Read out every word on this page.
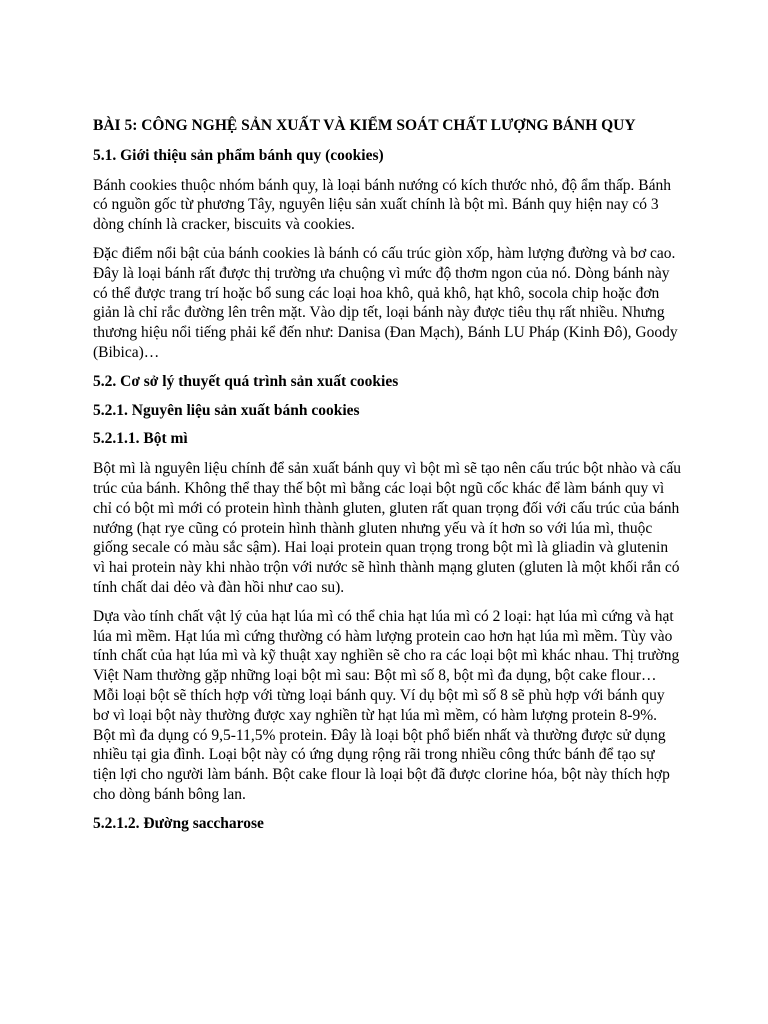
BÀI 5: CÔNG NGHỆ SẢN XUẤT VÀ KIỂM SOÁT CHẤT LƯỢNG BÁNH QUY

5.1. Giới thiệu sản phẩm bánh quy (cookies)

Bánh cookies thuộc nhóm bánh quy, là loại bánh nướng có kích thước nhỏ, độ ẩm thấp. Bánh có nguồn gốc từ phương Tây, nguyên liệu sản xuất chính là bột mì. Bánh quy hiện nay có 3 dòng chính là cracker, biscuits và cookies.

Đặc điểm nổi bật của bánh cookies là bánh có cấu trúc giòn xốp, hàm lượng đường và bơ cao. Đây là loại bánh rất được thị trường ưa chuộng vì mức độ thơm ngon của nó. Dòng bánh này có thể được trang trí hoặc bổ sung các loại hoa khô, quả khô, hạt khô, socola chip hoặc đơn giản là chỉ rắc đường lên trên mặt. Vào dịp tết, loại bánh này được tiêu thụ rất nhiều. Nhưng thương hiệu nổi tiếng phải kể đến như: Danisa (Đan Mạch), Bánh LU Pháp (Kinh Đô), Goody (Bibica)…

5.2. Cơ sở lý thuyết quá trình sản xuất cookies

5.2.1. Nguyên liệu sản xuất bánh cookies

5.2.1.1. Bột mì

Bột mì là nguyên liệu chính để sản xuất bánh quy vì bột mì sẽ tạo nên cấu trúc bột nhào và cấu trúc của bánh. Không thể thay thế bột mì bằng các loại bột ngũ cốc khác để làm bánh quy vì chỉ có bột mì mới có protein hình thành gluten, gluten rất quan trọng đối với cấu trúc của bánh nướng (hạt rye cũng có protein hình thành gluten nhưng yếu và ít hơn so với lúa mì, thuộc giống secale có màu sắc sậm). Hai loại protein quan trọng trong bột mì là gliadin và glutenin vì hai protein này khi nhào trộn với nước sẽ hình thành mạng gluten (gluten là một khối rắn có tính chất dai dẻo và đàn hồi như cao su).

Dựa vào tính chất vật lý của hạt lúa mì có thể chia hạt lúa mì có 2 loại: hạt lúa mì cứng và hạt lúa mì mềm. Hạt lúa mì cứng thường có hàm lượng protein cao hơn hạt lúa mì mềm. Tùy vào tính chất của hạt lúa mì và kỹ thuật xay nghiền sẽ cho ra các loại bột mì khác nhau. Thị trường Việt Nam thường gặp những loại bột mì sau: Bột mì số 8, bột mì đa dụng, bột cake flour… Mỗi loại bột sẽ thích hợp với từng loại bánh quy. Ví dụ bột mì số 8 sẽ phù hợp với bánh quy bơ vì loại bột này thường được xay nghiền từ hạt lúa mì mềm, có hàm lượng protein 8-9%. Bột mì đa dụng có 9,5-11,5% protein. Đây là loại bột phổ biến nhất và thường được sử dụng nhiều tại gia đình. Loại bột này có ứng dụng rộng rãi trong nhiều công thức bánh để tạo sự tiện lợi cho người làm bánh. Bột cake flour là loại bột đã được clorine hóa, bột này thích hợp cho dòng bánh bông lan.

5.2.1.2. Đường saccharose
